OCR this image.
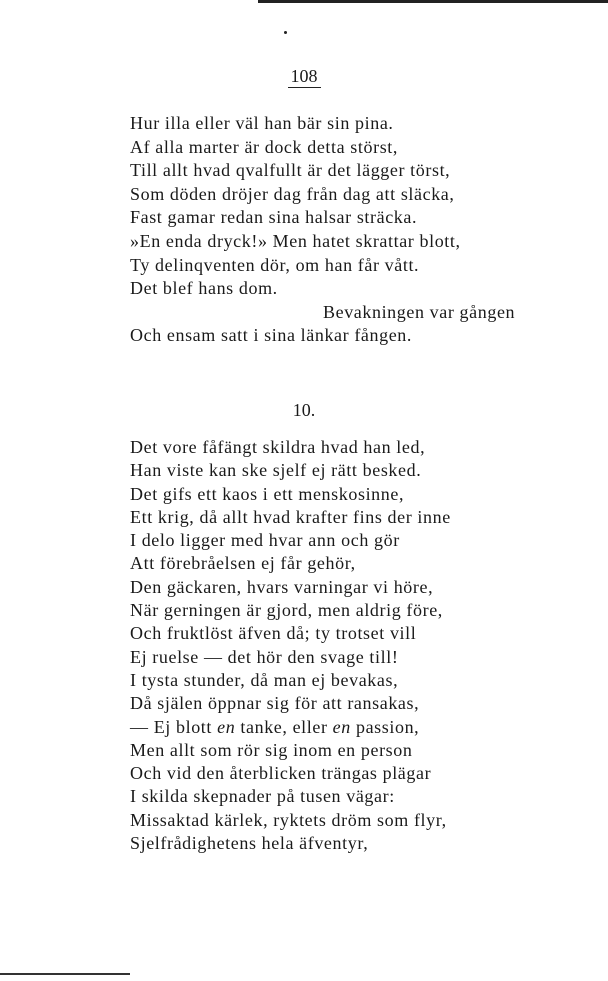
108
Hur illa eller väl han bär sin pina.
Af alla marter är dock detta störst,
Till allt hvad qvalfullt är det lägger törst,
Som döden dröjer dag från dag att släcka,
Fast gamar redan sina halsar sträcka.
»En enda dryck!» Men hatet skrattar blott,
Ty delinqventen dör, om han får vått.
Det blef hans dom.
Bevakningen var gången
Och ensam satt i sina länkar fången.
10.
Det vore fåfängt skildra hvad han led,
Han viste kan ske sjelf ej rätt besked.
Det gifs ett kaos i ett menskosinne,
Ett krig, då allt hvad krafter fins der inne
I delo ligger med hvar ann och gör
Att förebråelsen ej får gehör,
Den gäckaren, hvars varningar vi höre,
När gerningen är gjord, men aldrig före,
Och fruktlöst äfven då; ty trotset vill
Ej ruelse — det hör den svage till!
I tysta stunder, då man ej bevakas,
Då själen öppnar sig för att ransakas,
— Ej blott en tanke, eller en passion,
Men allt som rör sig inom en person
Och vid den återblicken trängas plägar
I skilda skepnader på tusen vägar:
Missaktad kärlek, ryktets dröm som flyr,
Sjelfrådighetens hela äfventyr,
